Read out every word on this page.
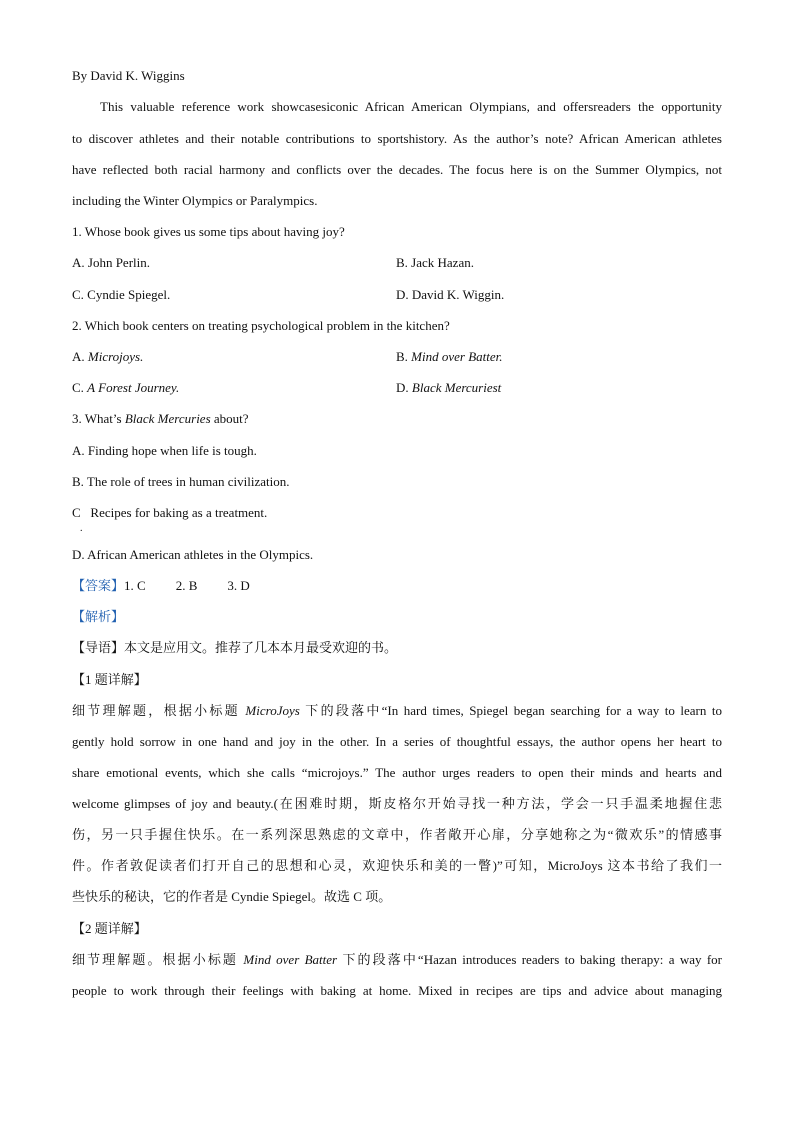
By David K. Wiggins
This valuable reference work showcasesiconic African American Olympians, and offersreaders the opportunity
to discover athletes and their notable contributions to sportshistory. As the author’s note? African American athletes
have reflected both racial harmony and conflicts over the decades. The focus here is on the Summer Olympics, not
including the Winter Olympics or Paralympics.
1. Whose book gives us some tips about having joy?
A. John Perlin.	B. Jack Hazan.
C. Cyndie Spiegel.	D. David K. Wiggin.
2. Which book centers on treating psychological problem in the kitchen?
A. Microjoys.	B. Mind over Batter.
C. A Forest Journey.	D. Black Mercuriest
3. What’s Black Mercuries about?
A. Finding hope when life is tough.
B. The role of trees in human civilization.
C   Recipes for baking as a treatment.
.
D. African American athletes in the Olympics.
【答案】1. C 2. B 3. D
【解析】
【导语】本文是应用文。推荐了几本本月最受欢迎的书。
【1 题详解】
细节理解题，根据小标题 MicroJoys 下的段落中“In hard times, Spiegel began searching for a way to learn to
gently hold sorrow in one hand and joy in the other. In a series of thoughtful essays, the author opens her heart to
share emotional events, which she calls “microjoys.” The author urges readers to open their minds and hearts and
welcome glimpses of joy and beauty.(在困难时期，斯皮格尔开始寻找一种方法，学会一只手温柔地握住悲
伤，另一只手握住快乐。在一系列深思熟虑的文章中，作者敞开心扉，分享她称之为“微欢乐”的情感事
件。作者敦促读者们打开自己的思想和心灵，欢迎快乐和美的一瞥)”可知，MicroJoys 这本书给了我们一
些快乐的秘诀，它的作者是 Cyndie Spiegel。故选 C 项。
【2 题详解】
细节理解题。根据小标题 Mind over Batter 下的段落中“Hazan introduces readers to baking therapy: a way for
people to work through their feelings with baking at home. Mixed in recipes are tips and advice about managing
